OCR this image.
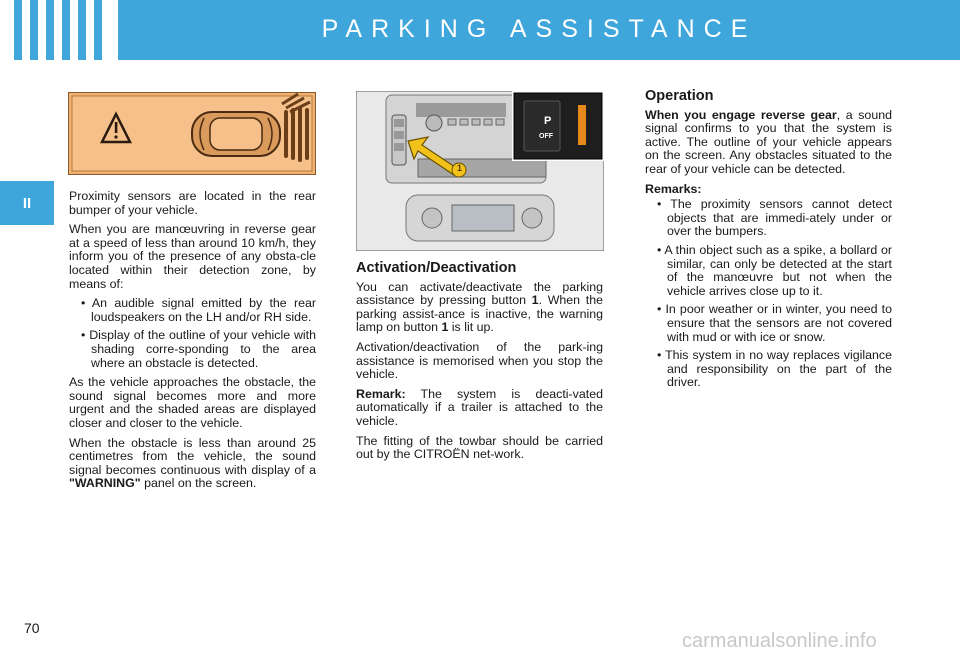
PARKING ASSISTANCE
II
P
OFF
1

Proximity sensors are located in the rear bumper of your vehicle.

When you are manœuvring in reverse gear at a speed of less than around 10 km/h, they inform you of the presence of any obsta-cle located within their detection zone, by means of:

• An audible signal emitted by the rear loudspeakers on the LH and/or RH side.
• Display of the outline of your vehicle with shading corre-sponding to the area where an obstacle is detected.

As the vehicle approaches the obstacle, the sound signal becomes more and more urgent and the shaded areas are displayed closer and closer to the vehicle.

When the obstacle is less than around 25 centimetres from the vehicle, the sound signal becomes continuous with display of a "WARNING" panel on the screen.

Activation/Deactivation

You can activate/deactivate the parking assistance by pressing button 1. When the parking assist-ance is inactive, the warning lamp on button 1 is lit up.

Activation/deactivation of the park-ing assistance is memorised when you stop the vehicle.

Remark: The system is deacti-vated automatically if a trailer is attached to the vehicle.

The fitting of the towbar should be carried out by the CITROËN net-work.

Operation

When you engage reverse gear, a sound signal confirms to you that the system is active. The outline of your vehicle appears on the screen. Any obstacles situated to the rear of your vehicle can be detected.

Remarks:

• The proximity sensors cannot detect objects that are immedi-ately under or over the bumpers.
• A thin object such as a spike, a bollard or similar, can only be detected at the start of the manœuvre but not when the vehicle arrives close up to it.
• In poor weather or in winter, you need to ensure that the sensors are not covered with mud or with ice or snow.
• This system in no way replaces vigilance and responsibility on the part of the driver.
70
carmanualsonline.info
